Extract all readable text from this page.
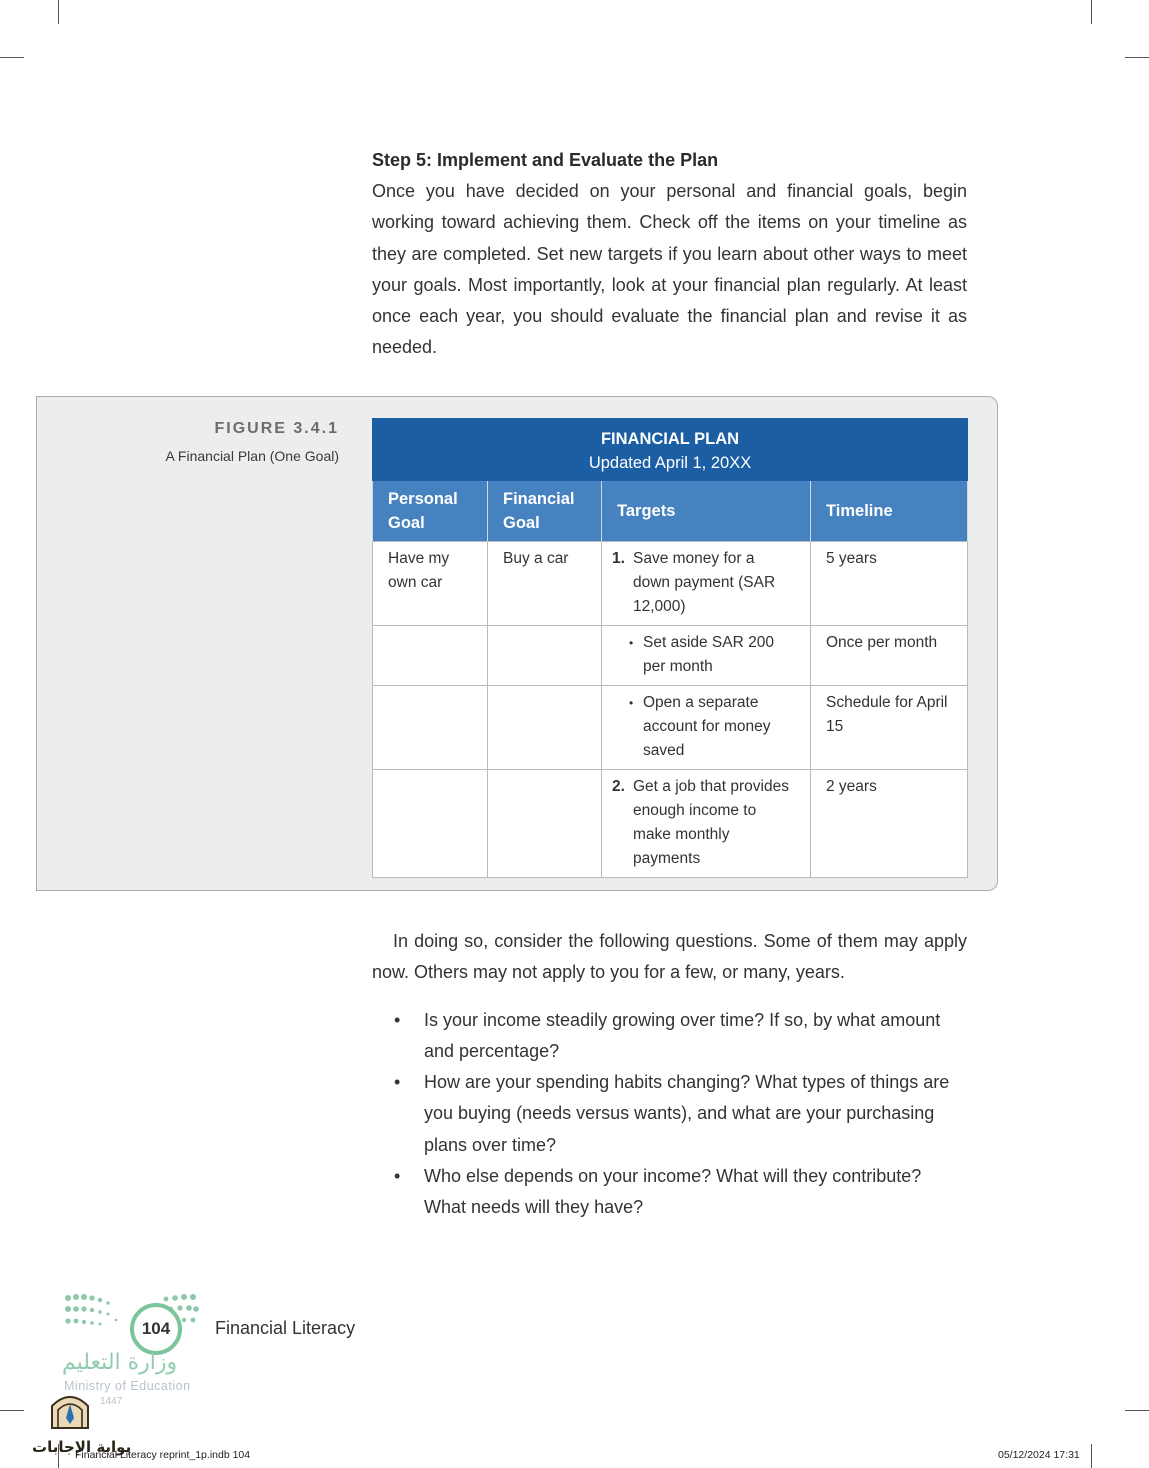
Step 5: Implement and Evaluate the Plan

Once you have decided on your personal and financial goals, begin working toward achieving them. Check off the items on your timeline as they are completed. Set new targets if you learn about other ways to meet your goals. Most importantly, look at your financial plan regularly. At least once each year, you should evaluate the financial plan and revise it as needed.

FIGURE 3.4.1
A Financial Plan (One Goal)
FINANCIAL PLAN
Updated April 1, 20XX			

Personal Goal	Financial Goal	Targets	Timeline
Have my own car	Buy a car	1. Save money for a down payment (SAR 12,000)	5 years

		• Set aside SAR 200 per month	Once per month

		• Open a separate account for money saved	Schedule for April 15

		2. Get a job that provides enough income to make monthly payments	2 years

In doing so, consider the following questions. Some of them may apply now. Others may not apply to you for a few, or many, years.

• Is your income steadily growing over time? If so, by what amount and percentage?
• How are your spending habits changing? What types of things are you buying (needs versus wants), and what are your purchasing plans over time?
• Who else depends on your income? What will they contribute? What needs will they have?
104	Financial Literacy
وزارة التعليم
Ministry of Education
1447
بوابة الإجابات
Financial Literacy reprint_1p.indb 104	05/12/2024 17:31
